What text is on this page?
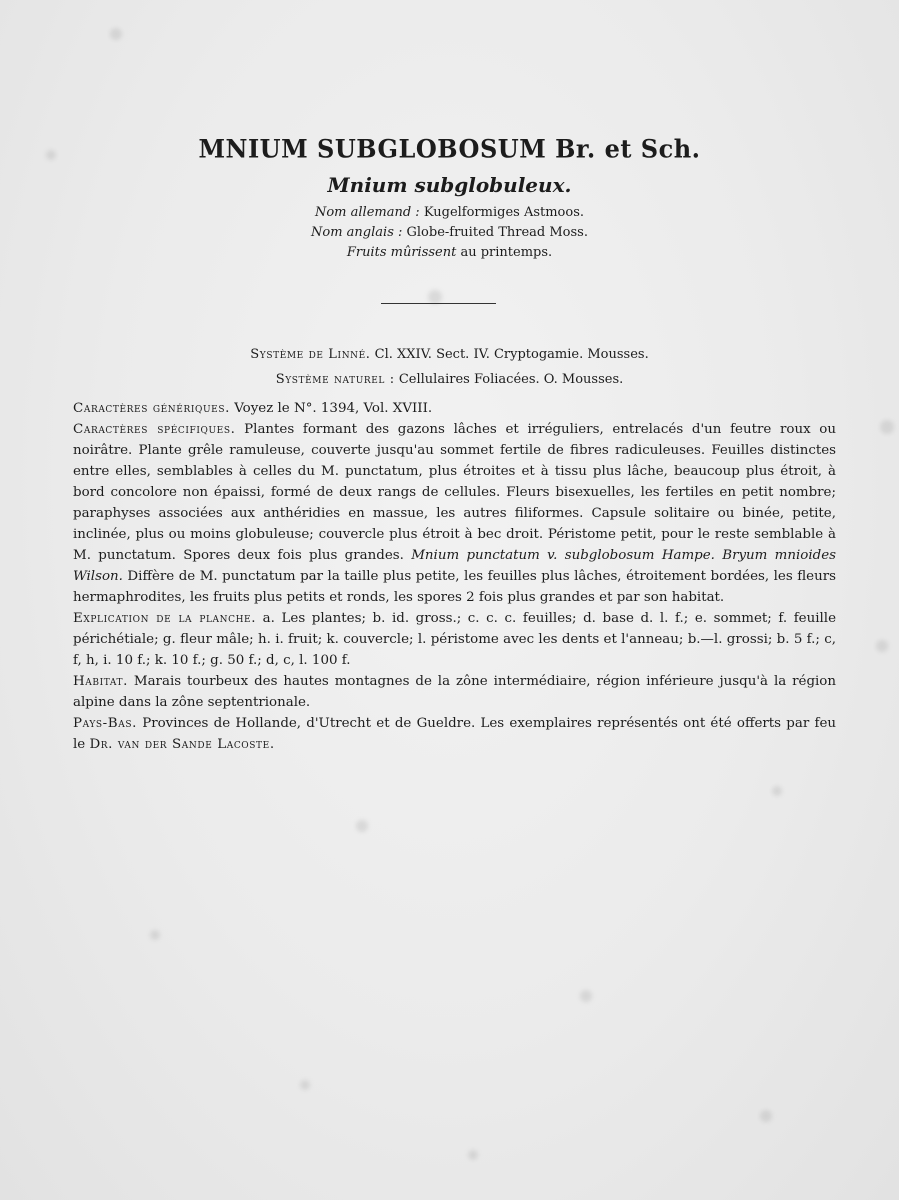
MNIUM SUBGLOBOSUM Br. et Sch.
Mnium subglobuleux.
Nom allemand : Kugelformiges Astmoos.
Nom anglais : Globe-fruited Thread Moss.
Fruits mûrissent au printemps.
Système de Linné. Cl. XXIV. Sect. IV. Cryptogamie. Mousses.
Système naturel : Cellulaires Foliacées. O. Mousses.

Caractères génériques. Voyez le N°. 1394, Vol. XVIII.

Caractères spécifiques. Plantes formant des gazons lâches et irréguliers, entrelacés d'un feutre roux ou noirâtre. Plante grêle ramuleuse, couverte jusqu'au sommet fertile de fibres radiculeuses. Feuilles distinctes entre elles, semblables à celles du M. punctatum, plus étroites et à tissu plus lâche, beaucoup plus étroit, à bord concolore non épaissi, formé de deux rangs de cellules. Fleurs bisexuelles, les fertiles en petit nombre; paraphyses associées aux anthéridies en massue, les autres filiformes. Capsule solitaire ou binée, petite, inclinée, plus ou moins globuleuse; couvercle plus étroit à bec droit. Péristome petit, pour le reste semblable à M. punctatum. Spores deux fois plus grandes. Mnium punctatum v. subglobosum Hampe. Bryum mnioides Wilson. Diffère de M. punctatum par la taille plus petite, les feuilles plus lâches, étroitement bordées, les fleurs hermaphrodites, les fruits plus petits et ronds, les spores 2 fois plus grandes et par son habitat.

Explication de la planche. a. Les plantes; b. id. gross.; c. c. c. feuilles; d. base d. l. f.; e. sommet; f. feuille périchétiale; g. fleur mâle; h. i. fruit; k. couvercle; l. péristome avec les dents et l'anneau; b.—l. grossi; b. 5 f.; c, f, h, i. 10 f.; k. 10 f.; g. 50 f.; d, c, l. 100 f.

Habitat. Marais tourbeux des hautes montagnes de la zône intermédiaire, région inférieure jusqu'à la région alpine dans la zône septentrionale.

Pays-Bas. Provinces de Hollande, d'Utrecht et de Gueldre. Les exemplaires représentés ont été offerts par feu le Dr. van der Sande Lacoste.
